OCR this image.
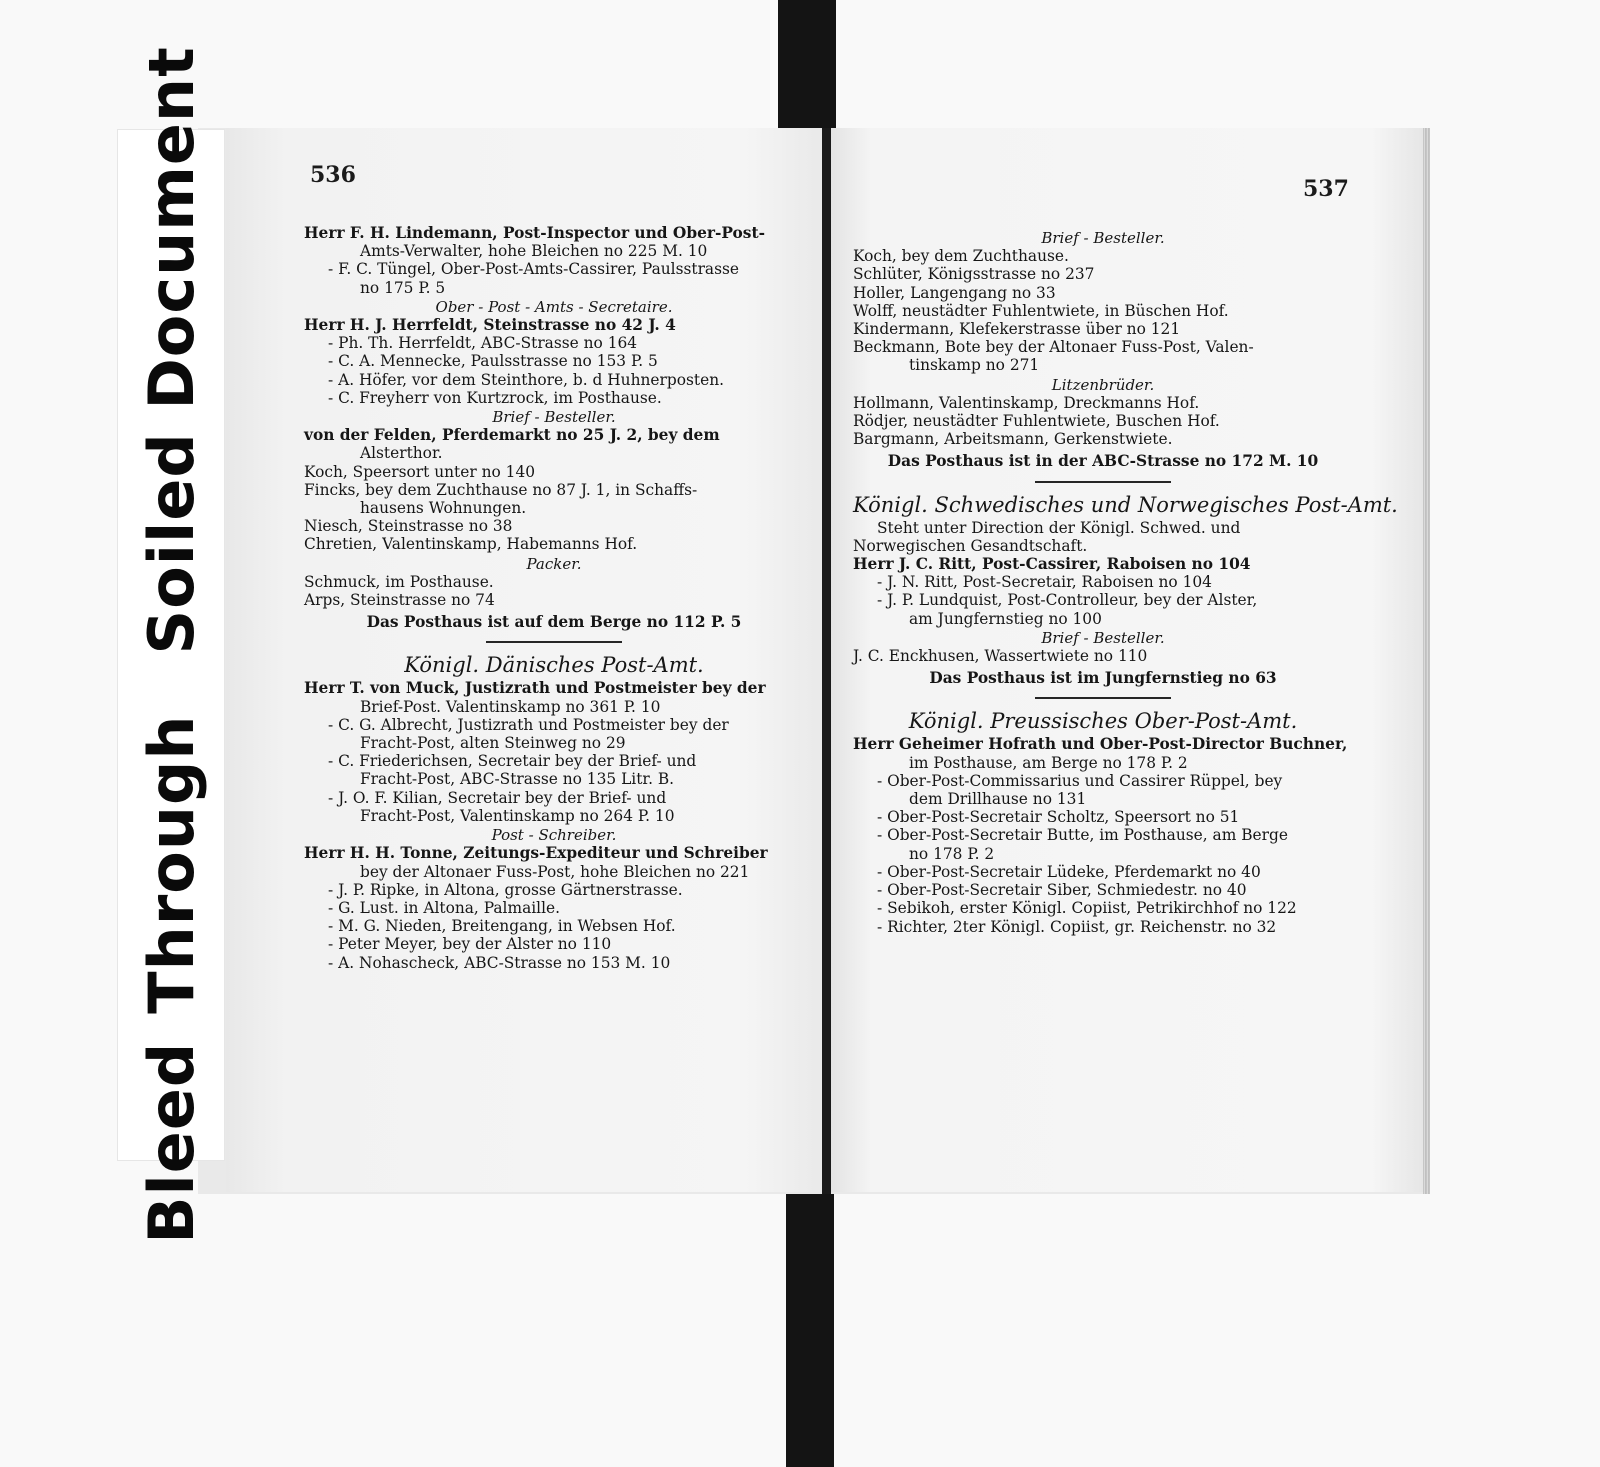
536
Herr F. H. Lindemann, Post-Inspector und Ober-Post-
Amts-Verwalter, hohe Bleichen no 225 M. 10
- F. C. Tüngel, Ober-Post-Amts-Cassirer, Paulsstrasse
no 175 P. 5
Ober - Post - Amts - Secretaire.
Herr H. J. Herrfeldt, Steinstrasse no 42 J. 4
- Ph. Th. Herrfeldt, ABC-Strasse no 164
- C. A. Mennecke, Paulsstrasse no 153 P. 5
- A. Höfer, vor dem Steinthore, b. d Huhnerposten.
- C. Freyherr von Kurtzrock, im Posthause.
Brief - Besteller.
von der Felden, Pferdemarkt no 25 J. 2, bey dem
Alsterthor.
Koch, Speersort unter no 140
Fincks, bey dem Zuchthause no 87 J. 1, in Schaffs-
hausens Wohnungen.
Niesch, Steinstrasse no 38
Chretien, Valentinskamp, Habemanns Hof.
Packer.
Schmuck, im Posthause.
Arps, Steinstrasse no 74
Das Posthaus ist auf dem Berge no 112 P. 5
Königl. Dänisches Post-Amt.
Herr T. von Muck, Justizrath und Postmeister bey der
Brief-Post. Valentinskamp no 361 P. 10
- C. G. Albrecht, Justizrath und Postmeister bey der
Fracht-Post, alten Steinweg no 29
- C. Friederichsen, Secretair bey der Brief- und
Fracht-Post, ABC-Strasse no 135 Litr. B.
- J. O. F. Kilian, Secretair bey der Brief- und
Fracht-Post, Valentinskamp no 264 P. 10
Post - Schreiber.
Herr H. H. Tonne, Zeitungs-Expediteur und Schreiber
bey der Altonaer Fuss-Post, hohe Bleichen no 221
- J. P. Ripke, in Altona, grosse Gärtnerstrasse.
- G. Lust. in Altona, Palmaille.
- M. G. Nieden, Breitengang, in Websen Hof.
- Peter Meyer, bey der Alster no 110
- A. Nohascheck, ABC-Strasse no 153 M. 10
537
Brief - Besteller.
Koch, bey dem Zuchthause.
Schlüter, Königsstrasse no 237
Holler, Langengang no 33
Wolff, neustädter Fuhlentwiete, in Büschen Hof.
Kindermann, Klefekerstrasse über no 121
Beckmann, Bote bey der Altonaer Fuss-Post, Valen-
tinskamp no 271
Litzenbrüder.
Hollmann, Valentinskamp, Dreckmanns Hof.
Rödjer, neustädter Fuhlentwiete, Buschen Hof.
Bargmann, Arbeitsmann, Gerkenstwiete.
Das Posthaus ist in der ABC-Strasse no 172 M. 10
Königl. Schwedisches und Norwegisches Post-Amt.
Steht unter Direction der Königl. Schwed. und
Norwegischen Gesandtschaft.
Herr J. C. Ritt, Post-Cassirer, Raboisen no 104
- J. N. Ritt, Post-Secretair, Raboisen no 104
- J. P. Lundquist, Post-Controlleur, bey der Alster,
am Jungfernstieg no 100
Brief - Besteller.
J. C. Enckhusen, Wassertwiete no 110
Das Posthaus ist im Jungfernstieg no 63
Königl. Preussisches Ober-Post-Amt.
Herr Geheimer Hofrath und Ober-Post-Director Buchner,
im Posthause, am Berge no 178 P. 2
- Ober-Post-Commissarius und Cassirer Rüppel, bey
dem Drillhause no 131
- Ober-Post-Secretair Scholtz, Speersort no 51
- Ober-Post-Secretair Butte, im Posthause, am Berge
no 178 P. 2
- Ober-Post-Secretair Lüdeke, Pferdemarkt no 40
- Ober-Post-Secretair Siber, Schmiedestr. no 40
- Sebikoh, erster Königl. Copiist, Petrikirchhof no 122
- Richter, 2ter Königl. Copiist, gr. Reichenstr. no 32
Bleed
Through
Soiled Document
